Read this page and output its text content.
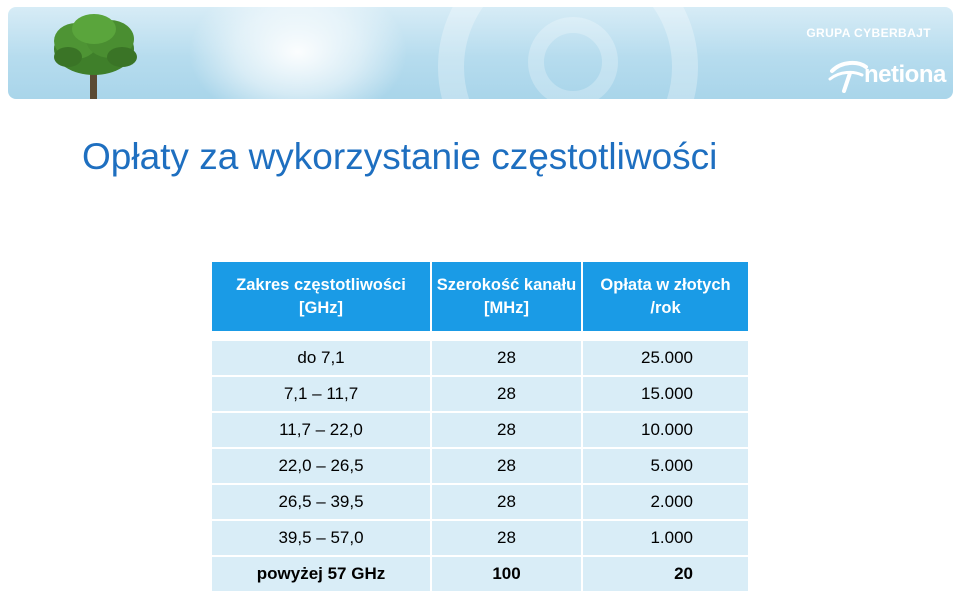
GRUPA CYBERBAJT
netiona
Opłaty za wykorzystanie częstotliwości
Zakres częstotliwości [GHz]	Szerokość kanału [MHz]	Opłata w złotych /rok

do 7,1	28	25.000
7,1 – 11,7	28	15.000
11,7 – 22,0	28	10.000
22,0 – 26,5	28	5.000
26,5 – 39,5	28	2.000
39,5 – 57,0	28	1.000
powyżej 57 GHz	100	20
